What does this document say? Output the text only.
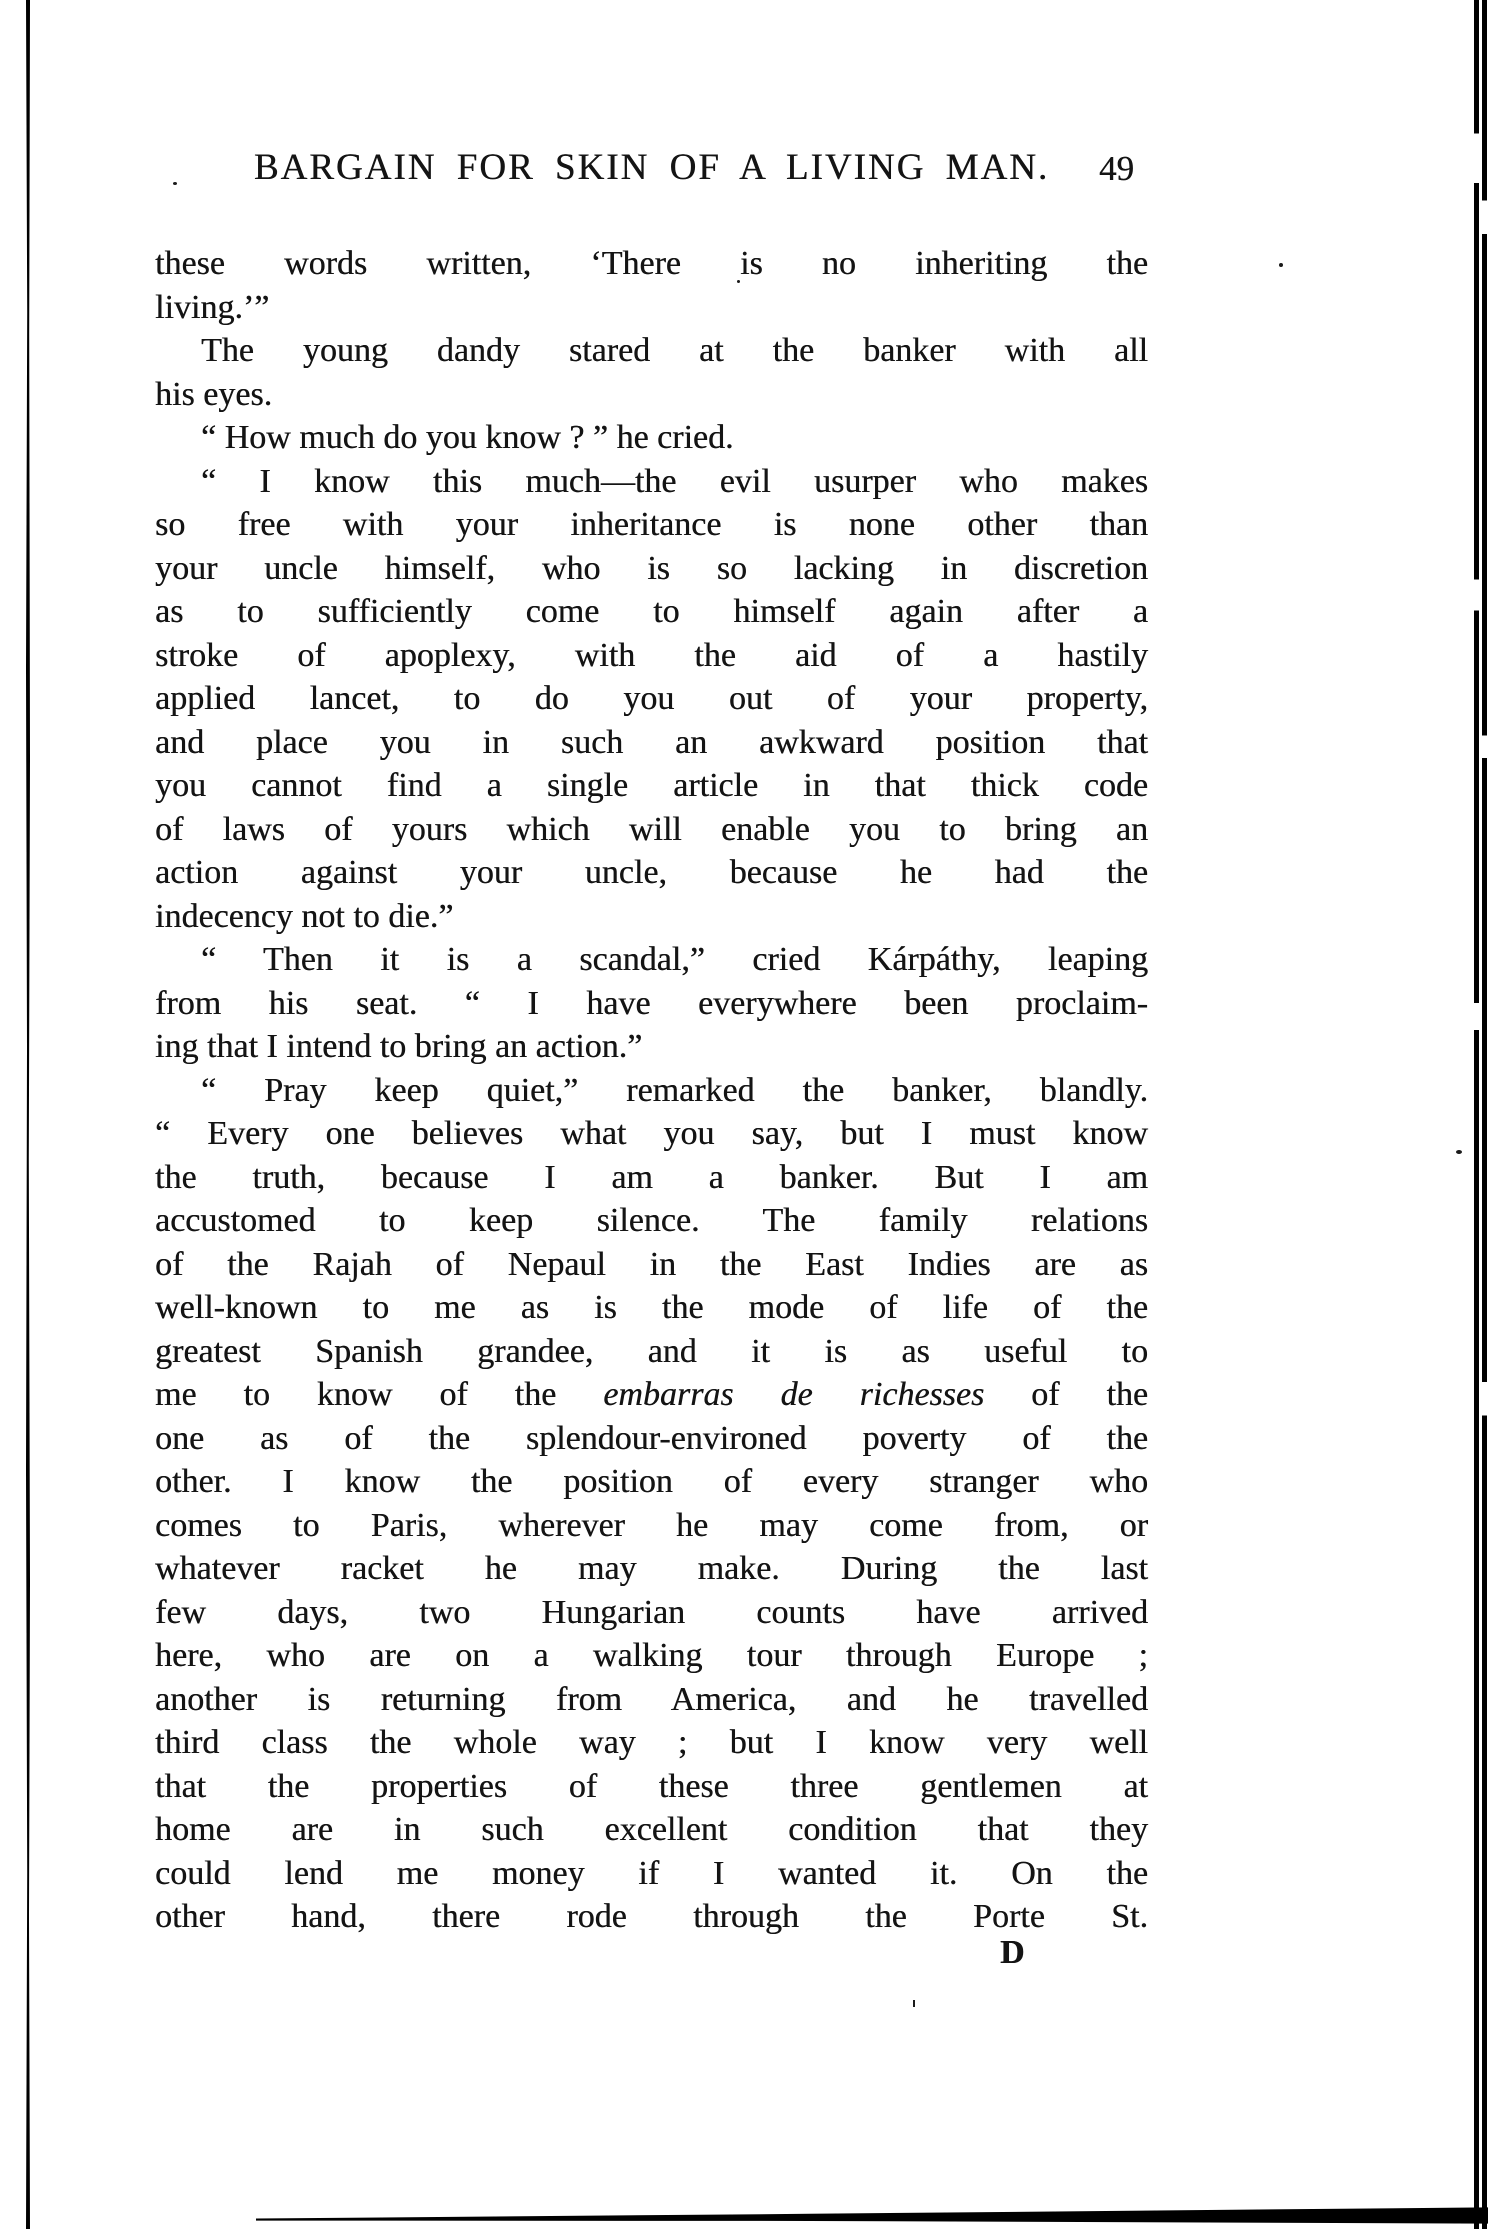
BARGAIN FOR SKIN OF A LIVING MAN.	49
these words written, ‘There is no inheriting the
living.’”
The young dandy stared at the banker with all
his eyes.
“ How much do you know ? ” he cried.
“ I know this much—the evil usurper who makes
so free with your inheritance is none other than
your uncle himself, who is so lacking in discretion
as to sufficiently come to himself again after a
stroke of apoplexy, with the aid of a hastily
applied lancet, to do you out of your property,
and place you in such an awkward position that
you cannot find a single article in that thick code
of laws of yours which will enable you to bring an
action against your uncle, because he had the
indecency not to die.”
“ Then it is a scandal,” cried Kárpáthy, leaping
from his seat. “ I have everywhere been proclaim-
ing that I intend to bring an action.”
“ Pray keep quiet,” remarked the banker, blandly.
“ Every one believes what you say, but I must know
the truth, because I am a banker. But I am
accustomed to keep silence. The family relations
of the Rajah of Nepaul in the East Indies are as
well-known to me as is the mode of life of the
greatest Spanish grandee, and it is as useful to
me to know of the embarras de richesses of the
one as of the splendour-environed poverty of the
other. I know the position of every stranger who
comes to Paris, wherever he may come from, or
whatever racket he may make. During the last
few days, two Hungarian counts have arrived
here, who are on a walking tour through Europe ;
another is returning from America, and he travelled
third class the whole way ; but I know very well
that the properties of these three gentlemen at
home are in such excellent condition that they
could lend me money if I wanted it. On the
other hand, there rode through the Porte St.
D
